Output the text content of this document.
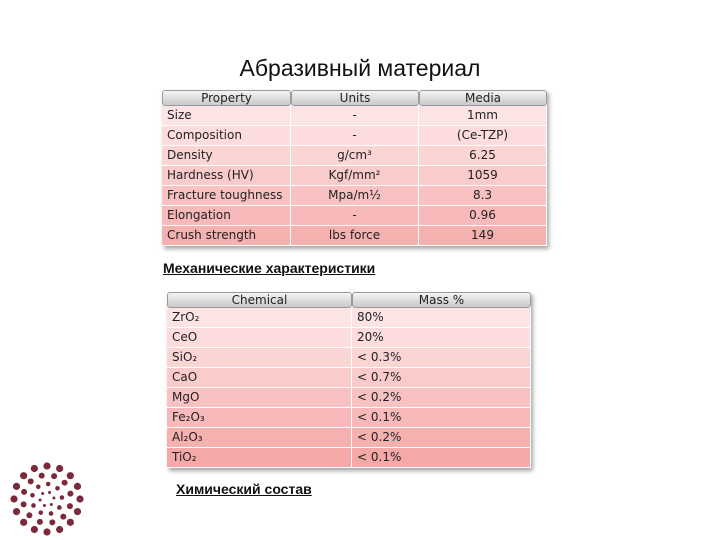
Абразивный материал
Property	Units	Media
Size	-	1mm
Composition	-	(Ce-TZP)
Density	g/cm³	6.25
Hardness (HV)	Kgf/mm²	1059
Fracture toughness	Mpa/m½	8.3
Elongation	-	0.96
Crush strength	lbs force	149
Механические характеристики
Chemical	Mass %
ZrO₂	80%
CeO	20%
SiO₂	< 0.3%
CaO	< 0.7%
MgO	< 0.2%
Fe₂O₃	< 0.1%
Al₂O₃	< 0.2%
TiO₂	< 0.1%
Химический состав
